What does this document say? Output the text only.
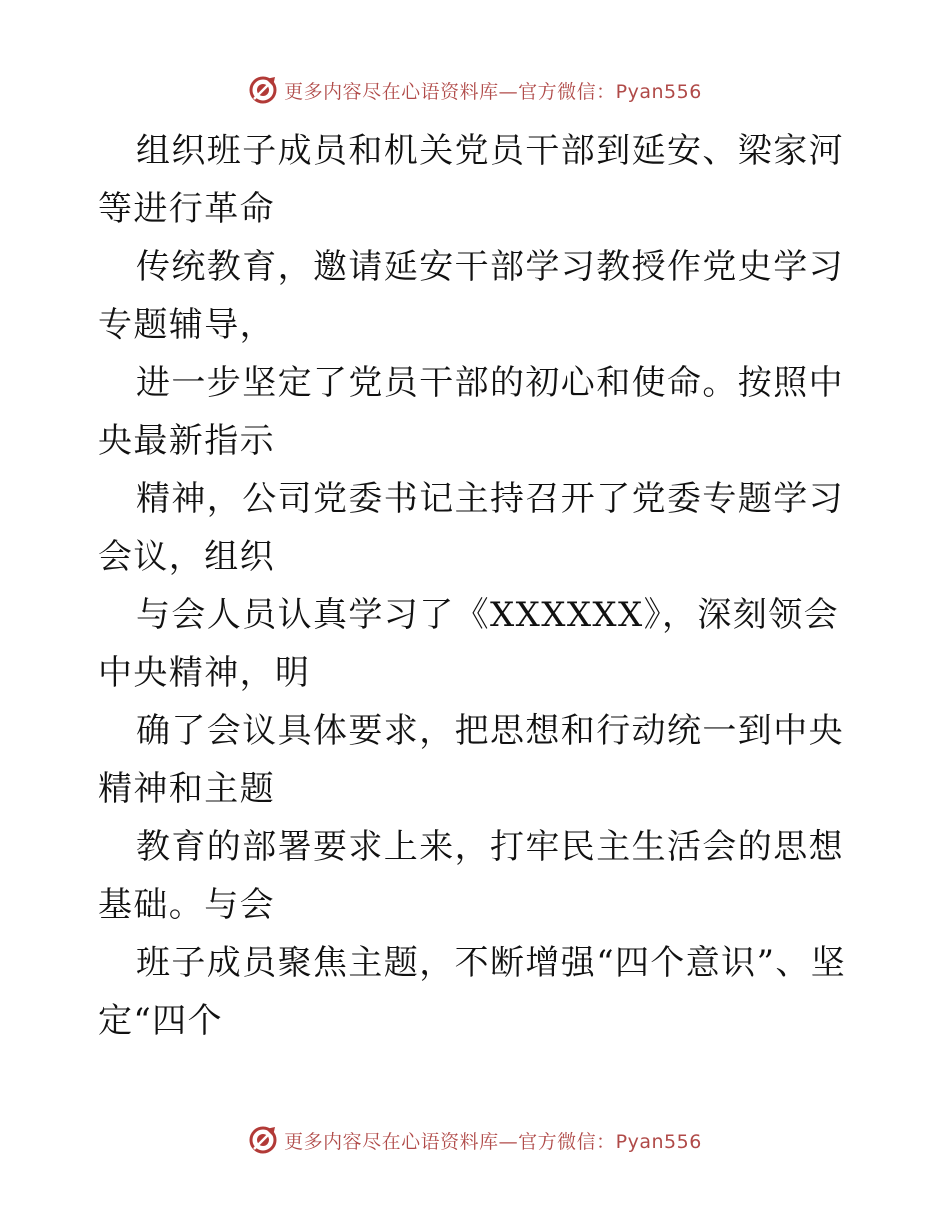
更多内容尽在心语资料库—官方微信：Pyan556

组织班子成员和机关党员干部到延安、梁家河等进行革命

传统教育，邀请延安干部学习教授作党史学习专题辅导，

进一步坚定了党员干部的初心和使命。按照中央最新指示

精神，公司党委书记主持召开了党委专题学习会议，组织

与会人员认真学习了《XXXXXX》，深刻领会中央精神，明

确了会议具体要求，把思想和行动统一到中央精神和主题

教育的部署要求上来，打牢民主生活会的思想基础。与会

班子成员聚焦主题，不断增强“四个意识”、坚定“四个

更多内容尽在心语资料库—官方微信：Pyan556
